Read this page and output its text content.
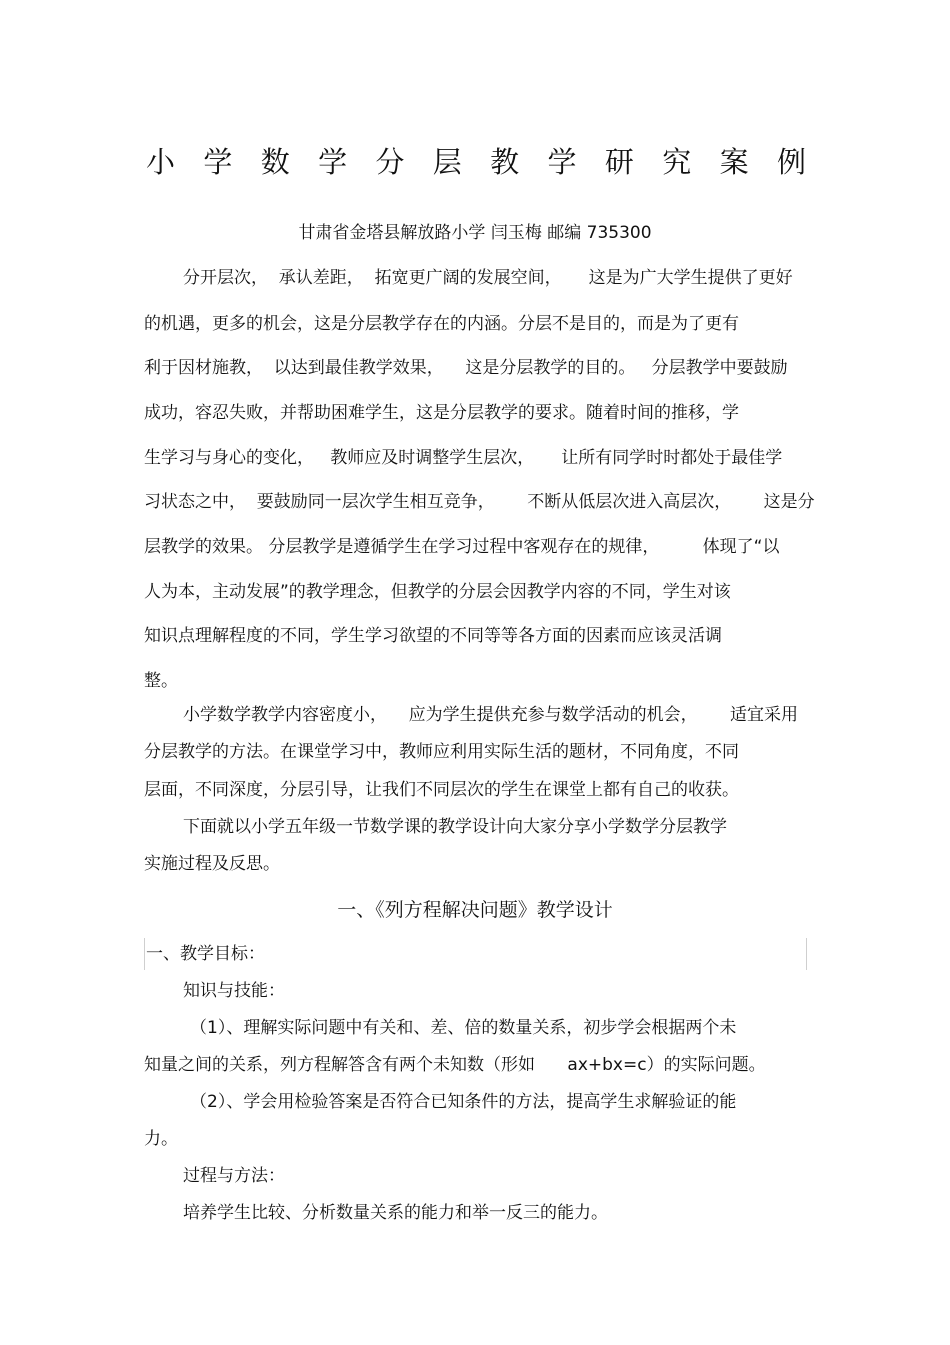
小 学 数 学 分 层 教 学 研 究 案 例
甘肃省金塔县解放路小学 闫玉梅 邮编 735300
分开层次，  承认差距，  拓宽更广阔的发展空间，     这是为广大学生提供了更好
的机遇，更多的机会，这是分层教学存在的内涵。分层不是目的，而是为了更有
利于因材施教，  以达到最佳教学效果，    这是分层教学的目的。   分层教学中要鼓励
成功，容忍失败，并帮助困难学生，这是分层教学的要求。随着时间的推移，学
生学习与身心的变化，   教师应及时调整学生层次，     让所有同学时时都处于最佳学
习状态之中，  要鼓励同一层次学生相互竞争，      不断从低层次进入高层次，      这是分
层教学的效果。 分层教学是遵循学生在学习过程中客观存在的规律，        体现了“以
人为本，主动发展”的教学理念，但教学的分层会因教学内容的不同，学生对该
知识点理解程度的不同，学生学习欲望的不同等等各方面的因素而应该灵活调
整。
小学数学教学内容密度小，    应为学生提供充参与数学活动的机会，      适宜采用
分层教学的方法。在课堂学习中，教师应利用实际生活的题材，不同角度，不同
层面，不同深度，分层引导，让我们不同层次的学生在课堂上都有自己的收获。
下面就以小学五年级一节数学课的教学设计向大家分享小学数学分层教学
实施过程及反思。
一、《列方程解决问题》教学设计
一、教学目标：
知识与技能：
（1）、理解实际问题中有关和、差、倍的数量关系，初步学会根据两个未
知量之间的关系，列方程解答含有两个未知数（形如      ax+bx=c）的实际问题。
（2）、学会用检验答案是否符合已知条件的方法，提高学生求解验证的能
力。
过程与方法：
培养学生比较、分析数量关系的能力和举一反三的能力。
